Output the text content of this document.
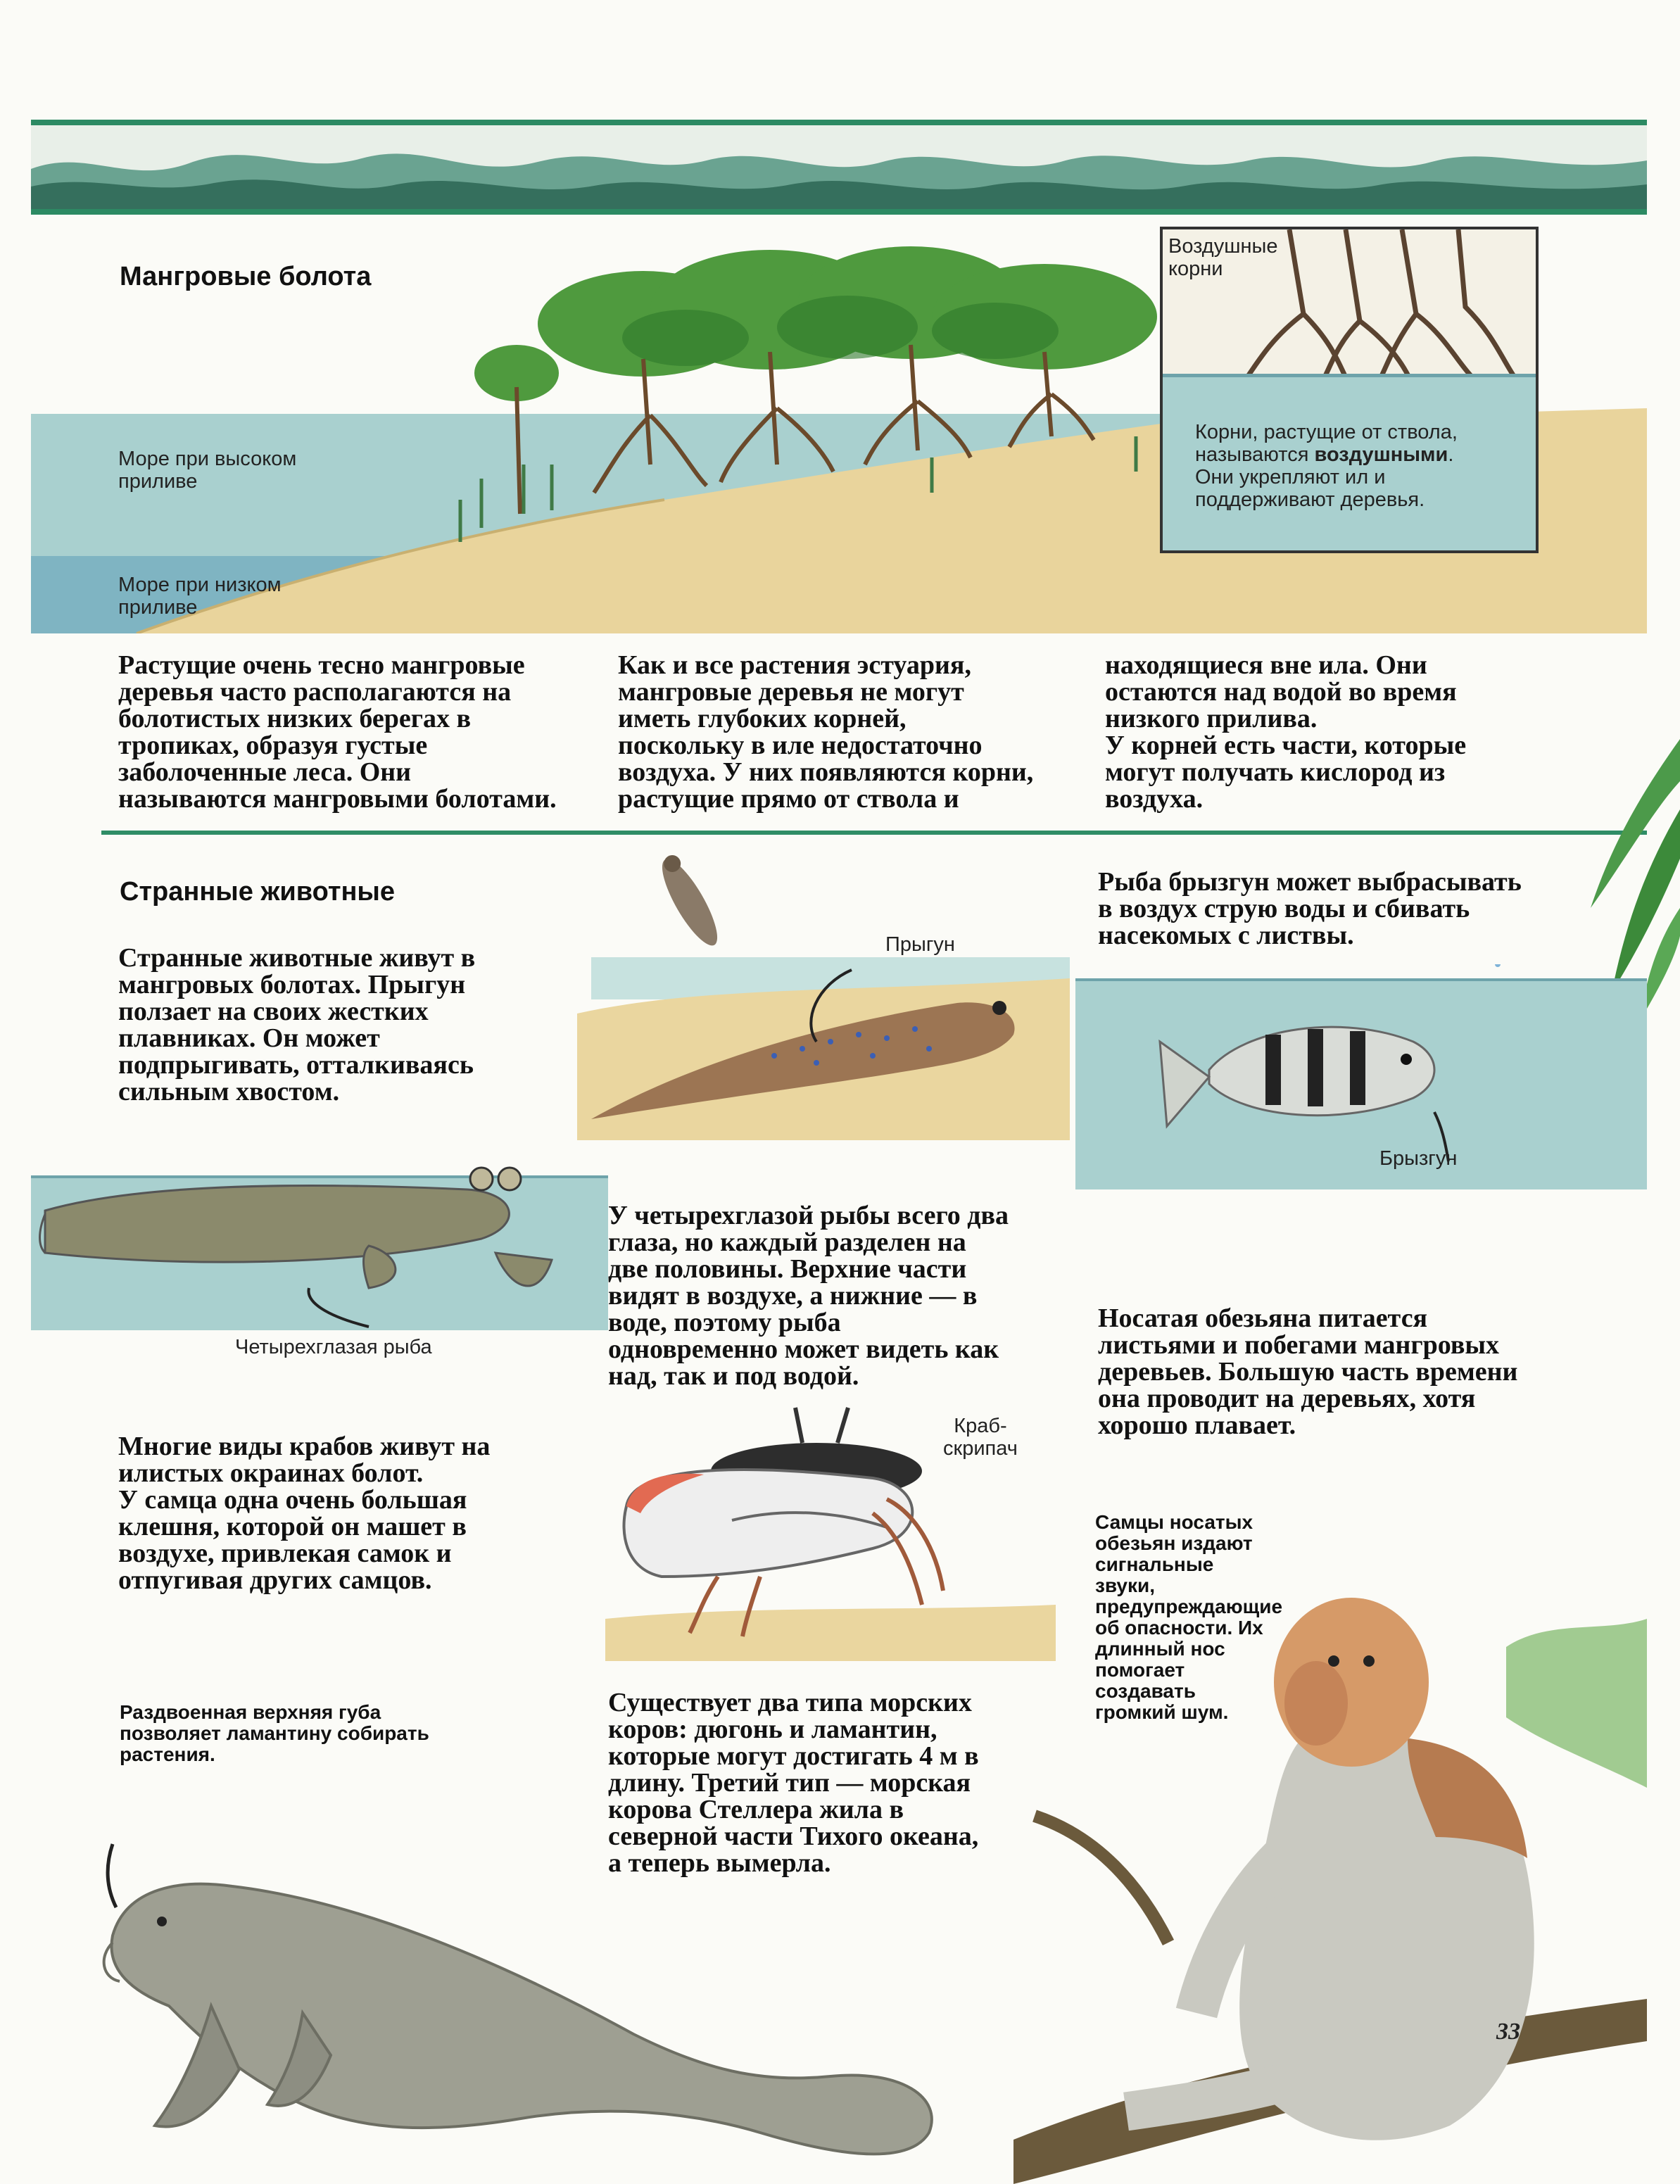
Мангровые болота
Море при высоком
приливе
Море при низком
приливе
Воздушные
корни
Корни, растущие от ствола,
называются воздушными.
Они укрепляют ил и
поддерживают деревья.
Растущие очень тесно мангровые
деревья часто располагаются на
болотистых низких берегах в
тропиках, образуя густые
заболоченные леса. Они
называются мангровыми болотами.
Как и все растения эстуария,
мангровые деревья не могут
иметь глубоких корней,
поскольку в иле недостаточно
воздуха. У них появляются корни,
растущие прямо от ствола и
находящиеся вне ила. Они
остаются над водой во время
низкого прилива.
У корней есть части, которые
могут получать кислород из
воздуха.
Странные животные
Странные животные живут в
мангровых болотах. Прыгун
ползает на своих жестких
плавниках. Он может
подпрыгивать, отталкиваясь
сильным хвостом.
Прыгун
Рыба брызгун может выбрасывать
в воздух струю воды и сбивать
насекомых с листвы.
Брызгун
Четырехглазая рыба
У четырехглазой рыбы всего два
глаза, но каждый разделен на
две половины. Верхние части
видят в воздухе, а нижние — в
воде, поэтому рыба
одновременно может видеть как
над, так и под водой.
Носатая обезьяна питается
листьями и побегами мангровых
деревьев. Большую часть времени
она проводит на деревьях, хотя
хорошо плавает.
Многие виды крабов живут на
илистых окраинах болот.
У самца одна очень большая
клешня, которой он машет в
воздухе, привлекая самок и
отпугивая других самцов.
Краб-
скрипач
Самцы носатых
обезьян издают
сигнальные
звуки,
предупреждающие
об опасности. Их
длинный нос
помогает
создавать
громкий шум.
Раздвоенная верхняя губа
позволяет ламантину собирать
растения.
Существует два типа морских
коров: дюгонь и ламантин,
которые могут достигать 4 м в
длину. Третий тип — морская
корова Стеллера жила в
северной части Тихого океана,
а теперь вымерла.
33
